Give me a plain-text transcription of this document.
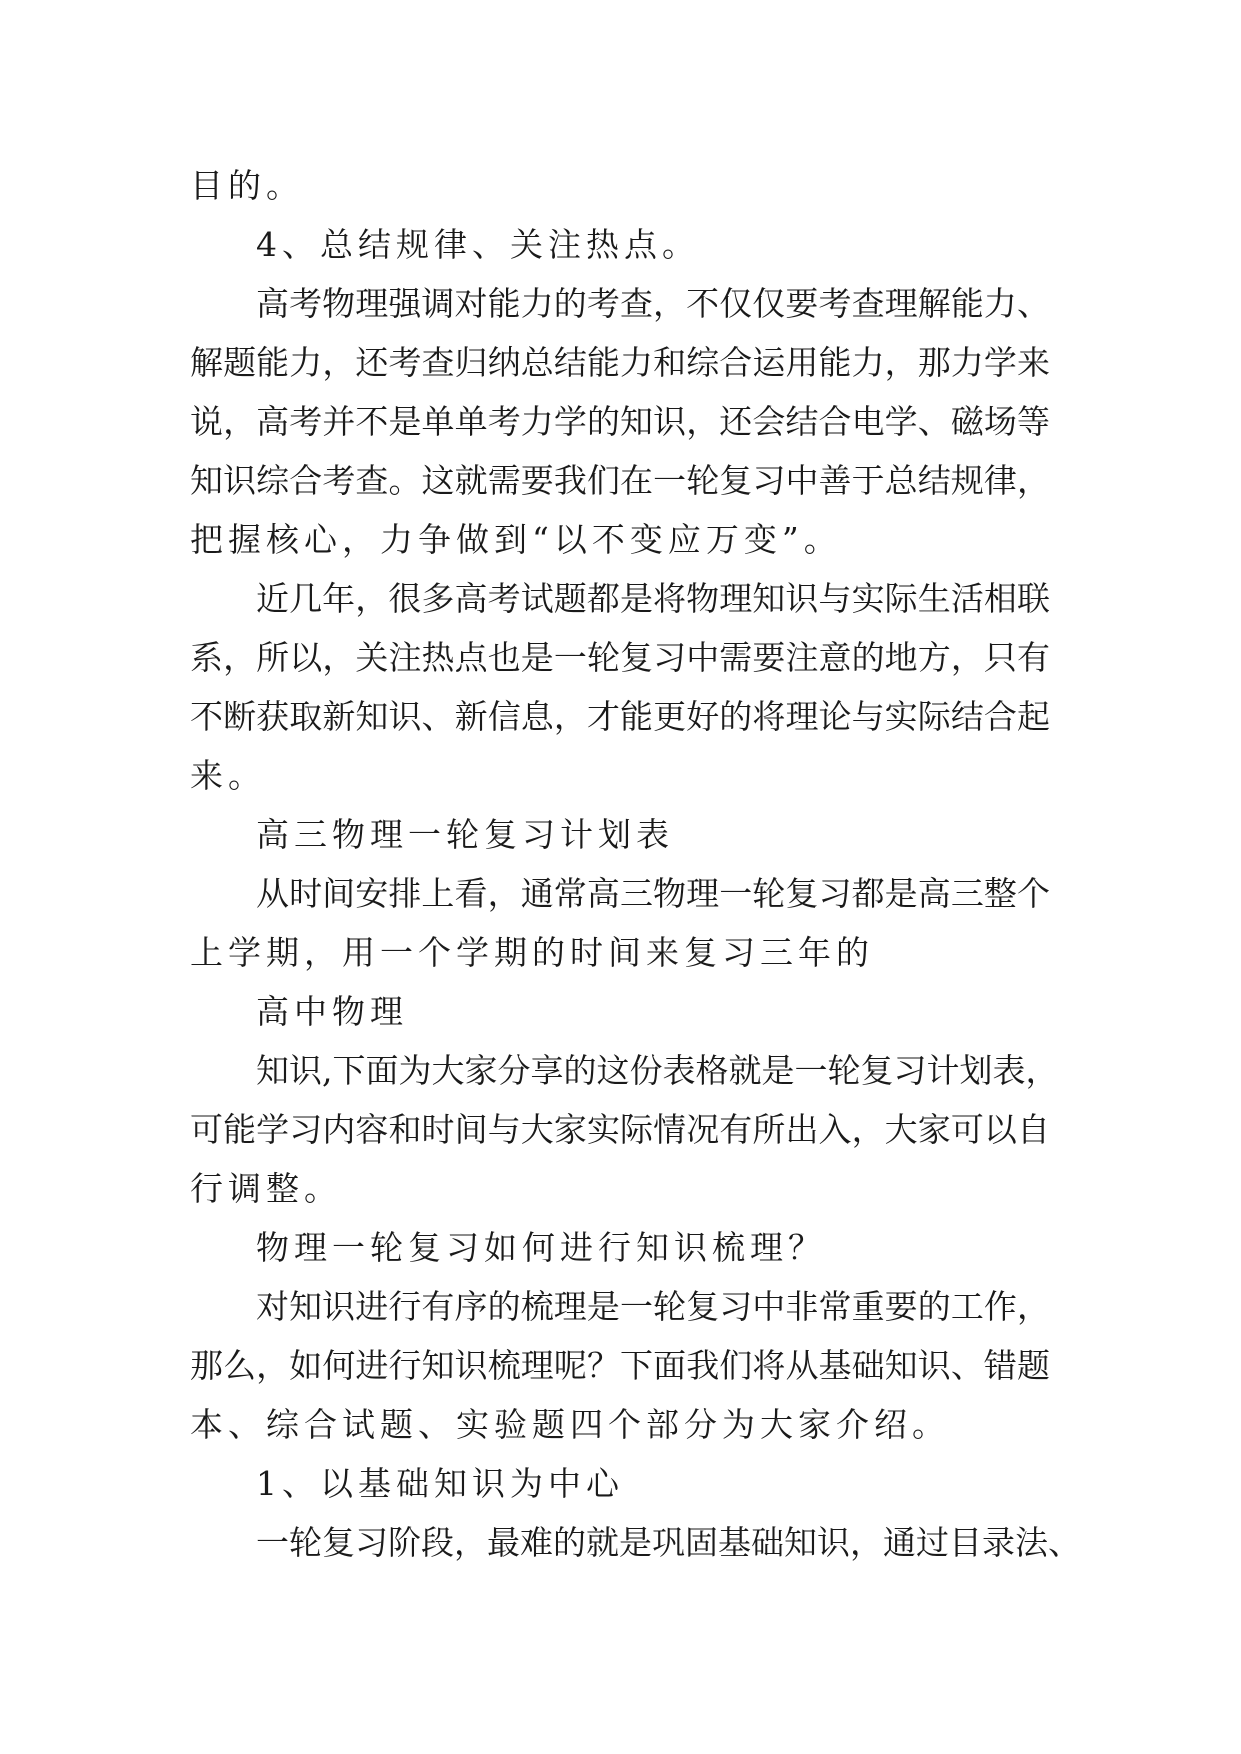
目的。
4、总结规律、关注热点。
高考物理强调对能力的考查，不仅仅要考查理解能力、
解题能力，还考查归纳总结能力和综合运用能力，那力学来
说，高考并不是单单考力学的知识，还会结合电学、磁场等
知识综合考查。这就需要我们在一轮复习中善于总结规律，
把握核心，力争做到“以不变应万变”。
近几年，很多高考试题都是将物理知识与实际生活相联
系，所以，关注热点也是一轮复习中需要注意的地方，只有
不断获取新知识、新信息，才能更好的将理论与实际结合起
来。
高三物理一轮复习计划表
从时间安排上看，通常高三物理一轮复习都是高三整个
上学期，用一个学期的时间来复习三年的
高中物理
知识,下面为大家分享的这份表格就是一轮复习计划表，
可能学习内容和时间与大家实际情况有所出入，大家可以自
行调整。
物理一轮复习如何进行知识梳理？
对知识进行有序的梳理是一轮复习中非常重要的工作，
那么，如何进行知识梳理呢？下面我们将从基础知识、错题
本、综合试题、实验题四个部分为大家介绍。
1、以基础知识为中心
一轮复习阶段，最难的就是巩固基础知识，通过目录法、
